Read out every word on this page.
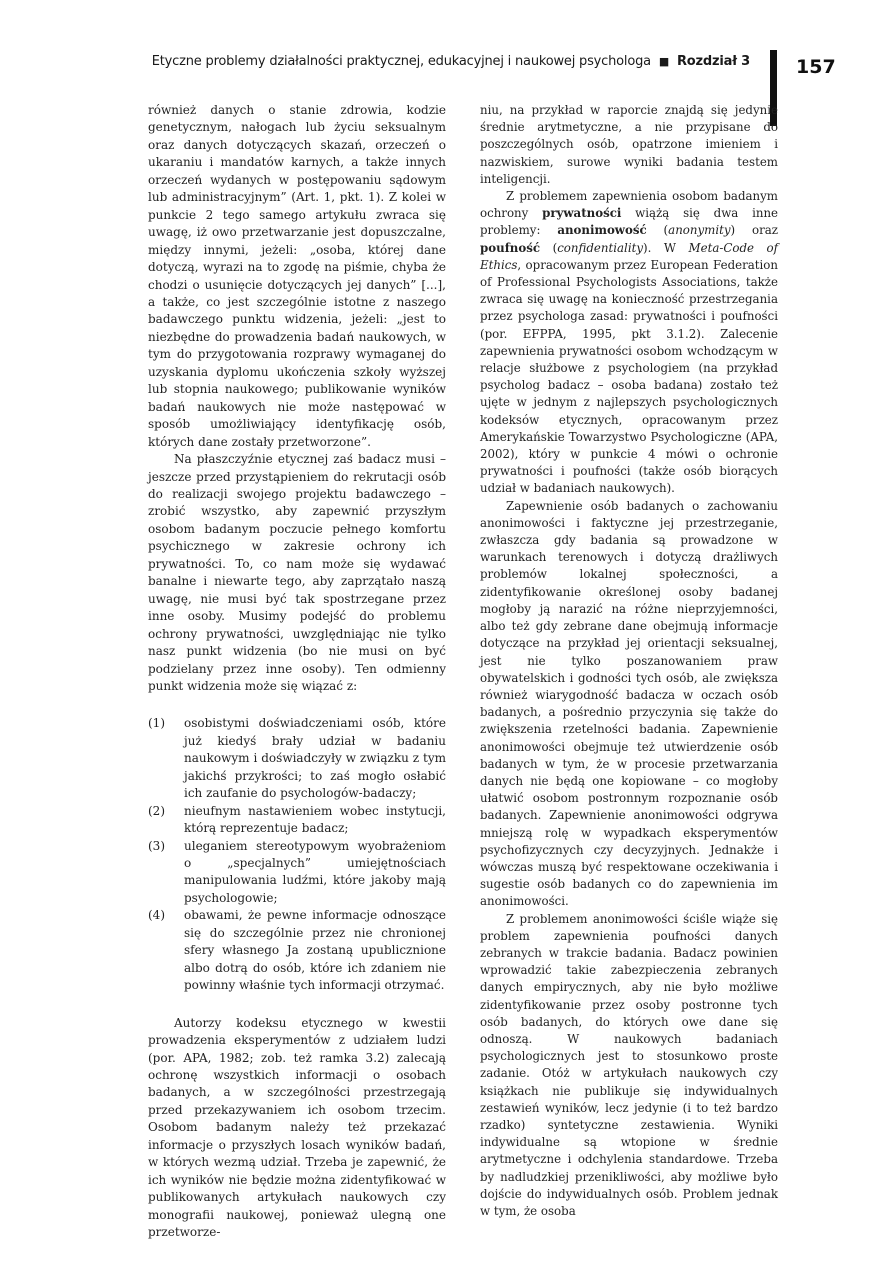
Etyczne problemy działalności praktycznej, edukacyjnej i naukowej psychologa ■ Rozdział 3 157

również danych o stanie zdrowia, kodzie genetycznym, nałogach lub życiu seksualnym oraz danych dotyczących skazań, orzeczeń o ukaraniu i mandatów karnych, a także innych orzeczeń wydanych w postępowaniu sądowym lub administracyjnym” (Art. 1, pkt. 1). Z kolei w punkcie 2 tego samego artykułu zwraca się uwagę, iż owo przetwarzanie jest dopuszczalne, między innymi, jeżeli: „osoba, której dane dotyczą, wyrazi na to zgodę na piśmie, chyba że chodzi o usunięcie dotyczących jej danych” [...], a także, co jest szczególnie istotne z naszego badawczego punktu widzenia, jeżeli: „jest to niezbędne do prowadzenia badań naukowych, w tym do przygotowania rozprawy wymaganej do uzyskania dyplomu ukończenia szkoły wyższej lub stopnia naukowego; publikowanie wyników badań naukowych nie może następować w sposób umożliwiający identyfikację osób, których dane zostały przetworzone”.

Na płaszczyźnie etycznej zaś badacz musi – jeszcze przed przystąpieniem do rekrutacji osób do realizacji swojego projektu badawczego – zrobić wszystko, aby zapewnić przyszłym osobom badanym poczucie pełnego komfortu psychicznego w zakresie ochrony ich prywatności. To, co nam może się wydawać banalne i niewarte tego, aby zaprzątało naszą uwagę, nie musi być tak spostrzegane przez inne osoby. Musimy podejść do problemu ochrony prywatności, uwzględniając nie tylko nasz punkt widzenia (bo nie musi on być podzielany przez inne osoby). Ten odmienny punkt widzenia może się wiązać z:

(1)	osobistymi doświadczeniami osób, które już kiedyś brały udział w badaniu naukowym i doświadczyły w związku z tym jakichś przykrości; to zaś mogło osłabić ich zaufanie do psychologów-badaczy;
(2)	nieufnym nastawieniem wobec instytucji, którą reprezentuje badacz;
(3)	uleganiem stereotypowym wyobrażeniom o „specjalnych” umiejętnościach manipulowania ludźmi, które jakoby mają psychologowie;
(4)	obawami, że pewne informacje odnoszące się do szczególnie przez nie chronionej sfery własnego Ja zostaną upublicznione albo dotrą do osób, które ich zdaniem nie powinny właśnie tych informacji otrzymać.

Autorzy kodeksu etycznego w kwestii prowadzenia eksperymentów z udziałem ludzi (por. APA, 1982; zob. też ramka 3.2) zalecają ochronę wszystkich informacji o osobach badanych, a w szczególności przestrzegają przed przekazywaniem ich osobom trzecim. Osobom badanym należy też przekazać informacje o przyszłych losach wyników badań, w których wezmą udział. Trzeba je zapewnić, że ich wyników nie będzie można zidentyfikować w publikowanych artykułach naukowych czy monografii naukowej, ponieważ ulegną one przetworze-

niu, na przykład w raporcie znajdą się jedynie średnie arytmetyczne, a nie przypisane do poszczególnych osób, opatrzone imieniem i nazwiskiem, surowe wyniki badania testem inteligencji.

Z problemem zapewnienia osobom badanym ochrony prywatności wiążą się dwa inne problemy: anonimowość (anonymity) oraz poufność (confidentiality). W Meta-Code of Ethics, opracowanym przez European Federation of Professional Psychologists Associations, także zwraca się uwagę na konieczność przestrzegania przez psychologa zasad: prywatności i poufności (por. EFPPA, 1995, pkt 3.1.2). Zalecenie zapewnienia prywatności osobom wchodzącym w relacje służbowe z psychologiem (na przykład psycholog badacz – osoba badana) zostało też ujęte w jednym z najlepszych psychologicznych kodeksów etycznych, opracowanym przez Amerykańskie Towarzystwo Psychologiczne (APA, 2002), który w punkcie 4 mówi o ochronie prywatności i poufności (także osób biorących udział w badaniach naukowych).

Zapewnienie osób badanych o zachowaniu anonimowości i faktyczne jej przestrzeganie, zwłaszcza gdy badania są prowadzone w warunkach terenowych i dotyczą drażliwych problemów lokalnej społeczności, a zidentyfikowanie określonej osoby badanej mogłoby ją narazić na różne nieprzyjemności, albo też gdy zebrane dane obejmują informacje dotyczące na przykład jej orientacji seksualnej, jest nie tylko poszanowaniem praw obywatelskich i godności tych osób, ale zwiększa również wiarygodność badacza w oczach osób badanych, a pośrednio przyczynia się także do zwiększenia rzetelności badania. Zapewnienie anonimowości obejmuje też utwierdzenie osób badanych w tym, że w procesie przetwarzania danych nie będą one kopiowane – co mogłoby ułatwić osobom postronnym rozpoznanie osób badanych. Zapewnienie anonimowości odgrywa mniejszą rolę w wypadkach eksperymentów psychofizycznych czy decyzyjnych. Jednakże i wówczas muszą być respektowane oczekiwania i sugestie osób badanych co do zapewnienia im anonimowości.

Z problemem anonimowości ściśle wiąże się problem zapewnienia poufności danych zebranych w trakcie badania. Badacz powinien wprowadzić takie zabezpieczenia zebranych danych empirycznych, aby nie było możliwe zidentyfikowanie przez osoby postronne tych osób badanych, do których owe dane się odnoszą. W naukowych badaniach psychologicznych jest to stosunkowo proste zadanie. Otóż w artykułach naukowych czy książkach nie publikuje się indywidualnych zestawień wyników, lecz jedynie (i to też bardzo rzadko) syntetyczne zestawienia. Wyniki indywidualne są wtopione w średnie arytmetyczne i odchylenia standardowe. Trzeba by nadludzkiej przenikliwości, aby możliwe było dojście do indywidualnych osób. Problem jednak w tym, że osoba
